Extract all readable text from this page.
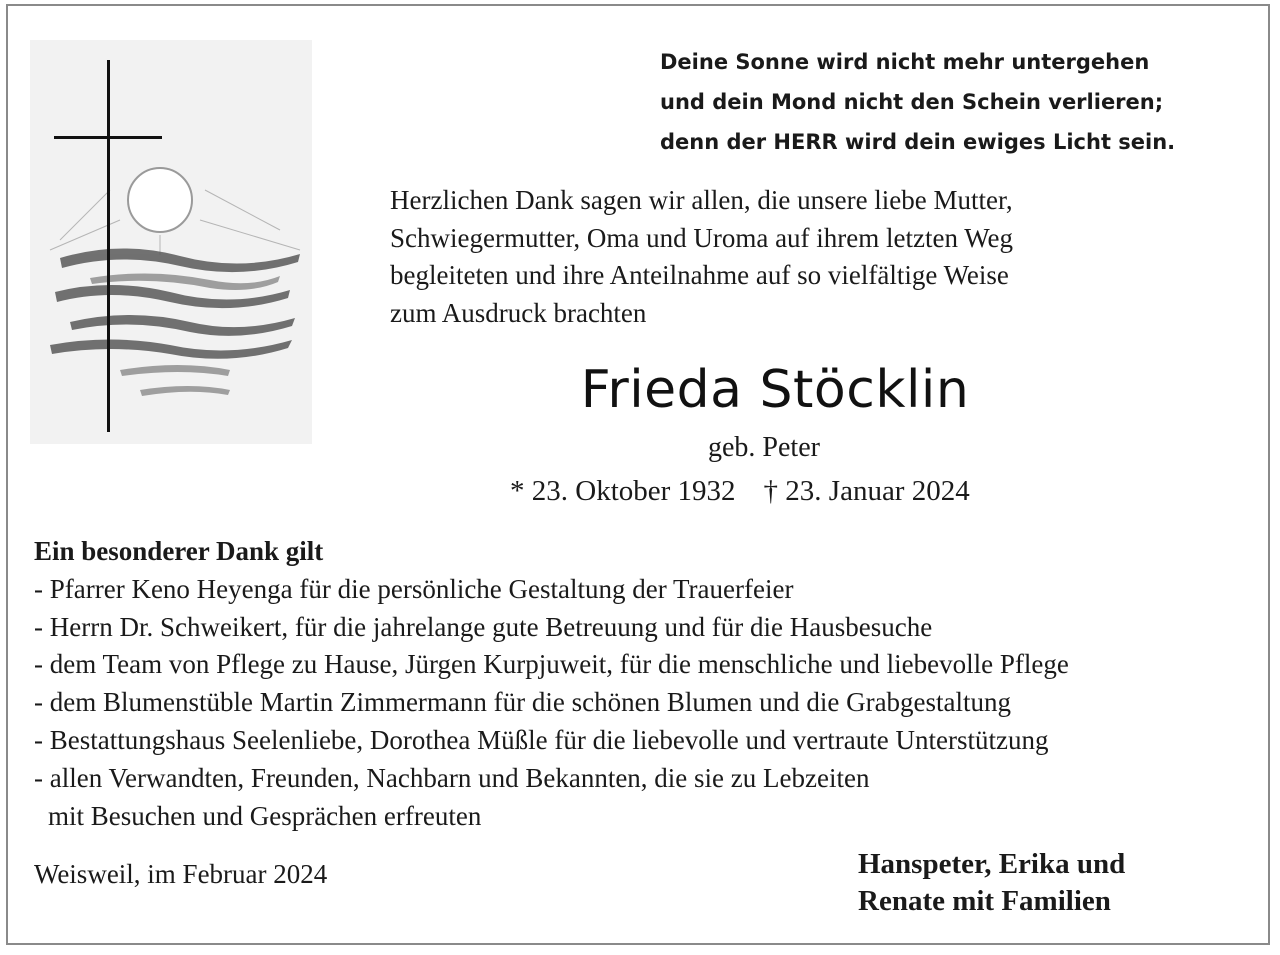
Deine Sonne wird nicht mehr untergehen
und dein Mond nicht den Schein verlieren;
denn der HERR wird dein ewiges Licht sein.
Herzlichen Dank sagen wir allen, die unsere liebe Mutter,
Schwiegermutter, Oma und Uroma auf ihrem letzten Weg
begleiteten und ihre Anteilnahme auf so vielfältige Weise
zum Ausdruck brachten
Frieda Stöcklin
geb. Peter
* 23. Oktober 1932 † 23. Januar 2024
Ein besonderer Dank gilt
- Pfarrer Keno Heyenga für die persönliche Gestaltung der Trauerfeier
- Herrn Dr. Schweikert, für die jahrelange gute Betreuung und für die Hausbesuche
- dem Team von Pflege zu Hause, Jürgen Kurpjuweit, für die menschliche und liebevolle Pflege
- dem Blumenstüble Martin Zimmermann für die schönen Blumen und die Grabgestaltung
- Bestattungshaus Seelenliebe, Dorothea Müßle für die liebevolle und vertraute Unterstützung
- allen Verwandten, Freunden, Nachbarn und Bekannten, die sie zu Lebzeiten
mit Besuchen und Gesprächen erfreuten
Weisweil, im Februar 2024	Hanspeter, Erika und
Renate mit Familien
